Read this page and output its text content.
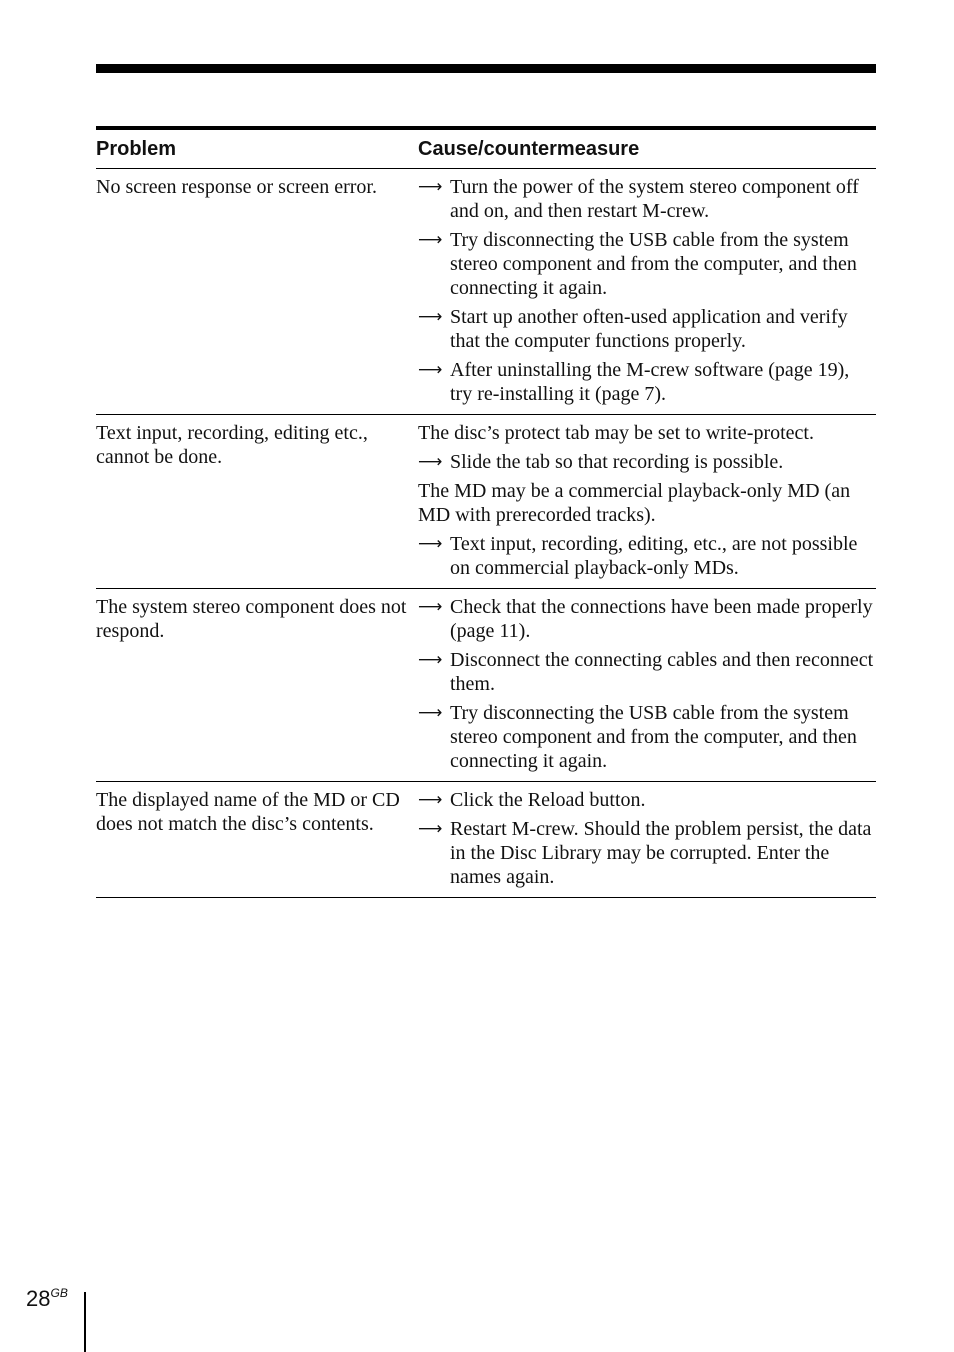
Problem	Cause/countermeasure
No screen response or screen error.	⟶ Turn the power of the system stereo component off and on, and then restart M-crew.
⟶ Try disconnecting the USB cable from the system stereo component and from the computer, and then connecting it again.
⟶ Start up another often-used application and verify that the computer functions properly.
⟶ After uninstalling the M-crew software (page 19), try re-installing it (page 7).
Text input, recording, editing etc., cannot be done.
The disc’s protect tab may be set to write-protect.
⟶ Slide the tab so that recording is possible.
The MD may be a commercial playback-only MD (an MD with prerecorded tracks).
⟶ Text input, recording, editing, etc., are not possible on commercial playback-only MDs.
The system stereo component does not respond.
⟶ Check that the connections have been made properly (page 11).
⟶ Disconnect the connecting cables and then reconnect them.
⟶ Try disconnecting the USB cable from the system stereo component and from the computer, and then connecting it again.
The displayed name of the MD or CD does not match the disc’s contents.
⟶ Click the Reload button.
⟶ Restart M-crew. Should the problem persist, the data in the Disc Library may be corrupted. Enter the names again.
$28^{GB}$
